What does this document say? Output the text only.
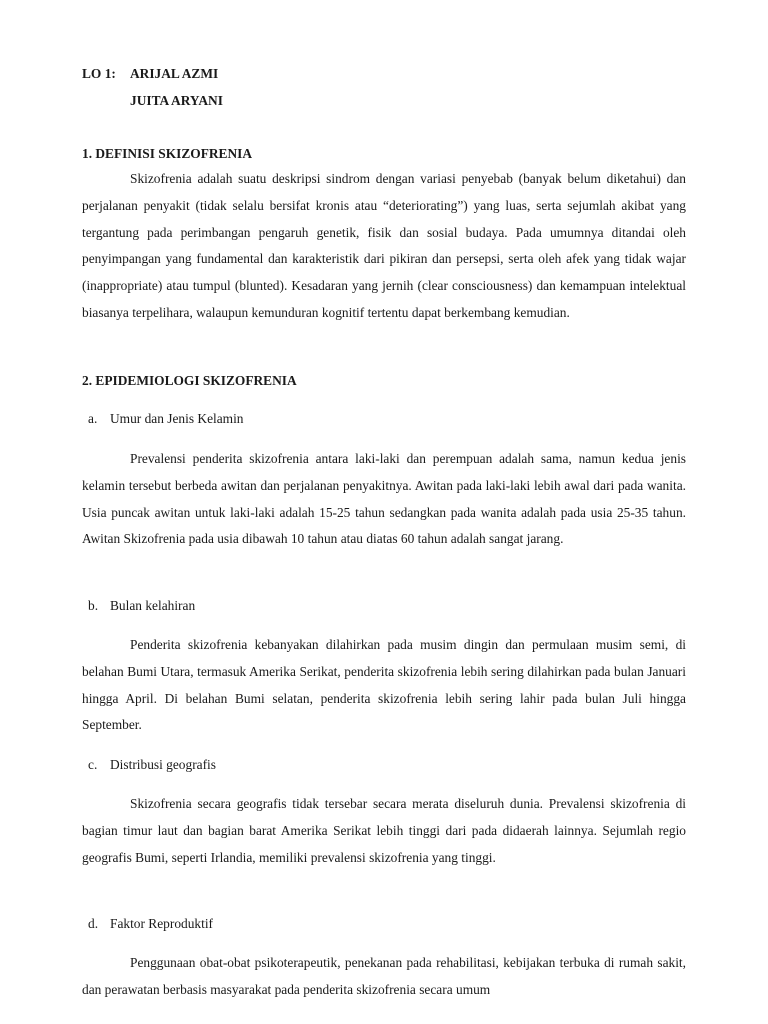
LO 1: ARIJAL AZMI
JUITA ARYANI
1. DEFINISI SKIZOFRENIA

Skizofrenia adalah suatu deskripsi sindrom dengan variasi penyebab (banyak belum diketahui) dan perjalanan penyakit (tidak selalu bersifat kronis atau “deteriorating”) yang luas, serta sejumlah akibat yang tergantung pada perimbangan pengaruh genetik, fisik dan sosial budaya. Pada umumnya ditandai oleh penyimpangan yang fundamental dan karakteristik dari pikiran dan persepsi, serta oleh afek yang tidak wajar (inappropriate) atau tumpul (blunted). Kesadaran yang jernih (clear consciousness) dan kemampuan intelektual biasanya terpelihara, walaupun kemunduran kognitif tertentu dapat berkembang kemudian.

2. EPIDEMIOLOGI SKIZOFRENIA
a. Umur dan Jenis Kelamin

Prevalensi penderita skizofrenia antara laki-laki dan perempuan adalah sama, namun kedua jenis kelamin tersebut berbeda awitan dan perjalanan penyakitnya. Awitan pada laki-laki lebih awal dari pada wanita. Usia puncak awitan untuk laki-laki adalah 15-25 tahun sedangkan pada wanita adalah pada usia 25-35 tahun. Awitan Skizofrenia pada usia dibawah 10 tahun atau diatas 60 tahun adalah sangat jarang.

b. Bulan kelahiran

Penderita skizofrenia kebanyakan dilahirkan pada musim dingin dan permulaan musim semi, di belahan Bumi Utara, termasuk Amerika Serikat, penderita skizofrenia lebih sering dilahirkan pada bulan Januari hingga April. Di belahan Bumi selatan, penderita skizofrenia lebih sering lahir pada bulan Juli hingga September.

c. Distribusi geografis

Skizofrenia secara geografis tidak tersebar secara merata diseluruh dunia. Prevalensi skizofrenia di bagian timur laut dan bagian barat Amerika Serikat lebih tinggi dari pada didaerah lainnya. Sejumlah regio geografis Bumi, seperti Irlandia, memiliki prevalensi skizofrenia yang tinggi.

d. Faktor Reproduktif

Penggunaan obat-obat psikoterapeutik, penekanan pada rehabilitasi, kebijakan terbuka di rumah sakit, dan perawatan berbasis masyarakat pada penderita skizofrenia secara umum
